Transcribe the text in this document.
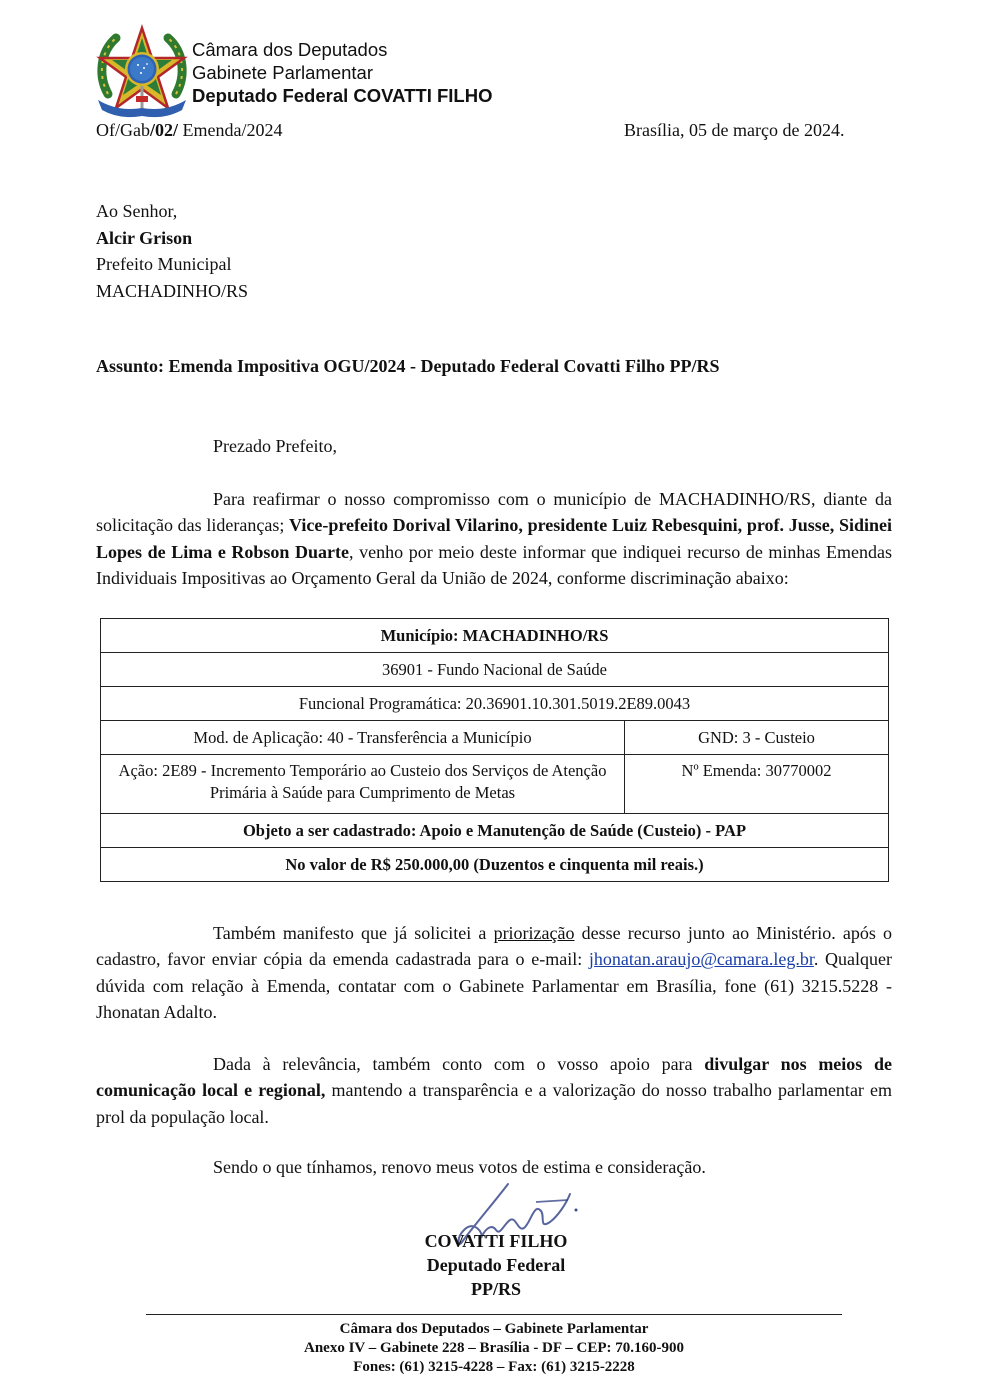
Câmara dos Deputados
Gabinete Parlamentar
Deputado Federal COVATTI FILHO
Of/Gab/02/ Emenda/2024	Brasília, 05 de março de 2024.
Ao Senhor,
Alcir Grison
Prefeito Municipal
MACHADINHO/RS
Assunto: Emenda Impositiva OGU/2024 - Deputado Federal Covatti Filho PP/RS
Prezado Prefeito,
Para reafirmar o nosso compromisso com o município de MACHADINHO/RS, diante da solicitação das lideranças; Vice-prefeito Dorival Vilarino, presidente Luiz Rebesquini, prof. Jusse, Sidinei Lopes de Lima e Robson Duarte, venho por meio deste informar que indiquei recurso de minhas Emendas Individuais Impositivas ao Orçamento Geral da União de 2024, conforme discriminação abaixo:
Município: MACHADINHO/RS	
36901 - Fundo Nacional de Saúde	
Funcional Programática: 20.36901.10.301.5019.2E89.0043	
Mod. de Aplicação: 40 - Transferência a Município	GND: 3 - Custeio
Ação: 2E89 - Incremento Temporário ao Custeio dos Serviços de Atenção Primária à Saúde para Cumprimento de Metas	Nº Emenda: 30770002
Objeto a ser cadastrado: Apoio e Manutenção de Saúde (Custeio) - PAP	
No valor de R$ 250.000,00 (Duzentos e cinquenta mil reais.)	
Também manifesto que já solicitei a priorização desse recurso junto ao Ministério. após o cadastro, favor enviar cópia da emenda cadastrada para o e-mail: jhonatan.araujo@camara.leg.br. Qualquer dúvida com relação à Emenda, contatar com o Gabinete Parlamentar em Brasília, fone (61) 3215.5228 - Jhonatan Adalto.
Dada à relevância, também conto com o vosso apoio para divulgar nos meios de comunicação local e regional, mantendo a transparência e a valorização do nosso trabalho parlamentar em prol da população local.
Sendo o que tínhamos, renovo meus votos de estima e consideração.
COVATTI FILHO
Deputado Federal
PP/RS
Câmara dos Deputados – Gabinete Parlamentar
Anexo IV – Gabinete 228 – Brasília - DF – CEP: 70.160-900
Fones: (61) 3215-4228 – Fax: (61) 3215-2228
